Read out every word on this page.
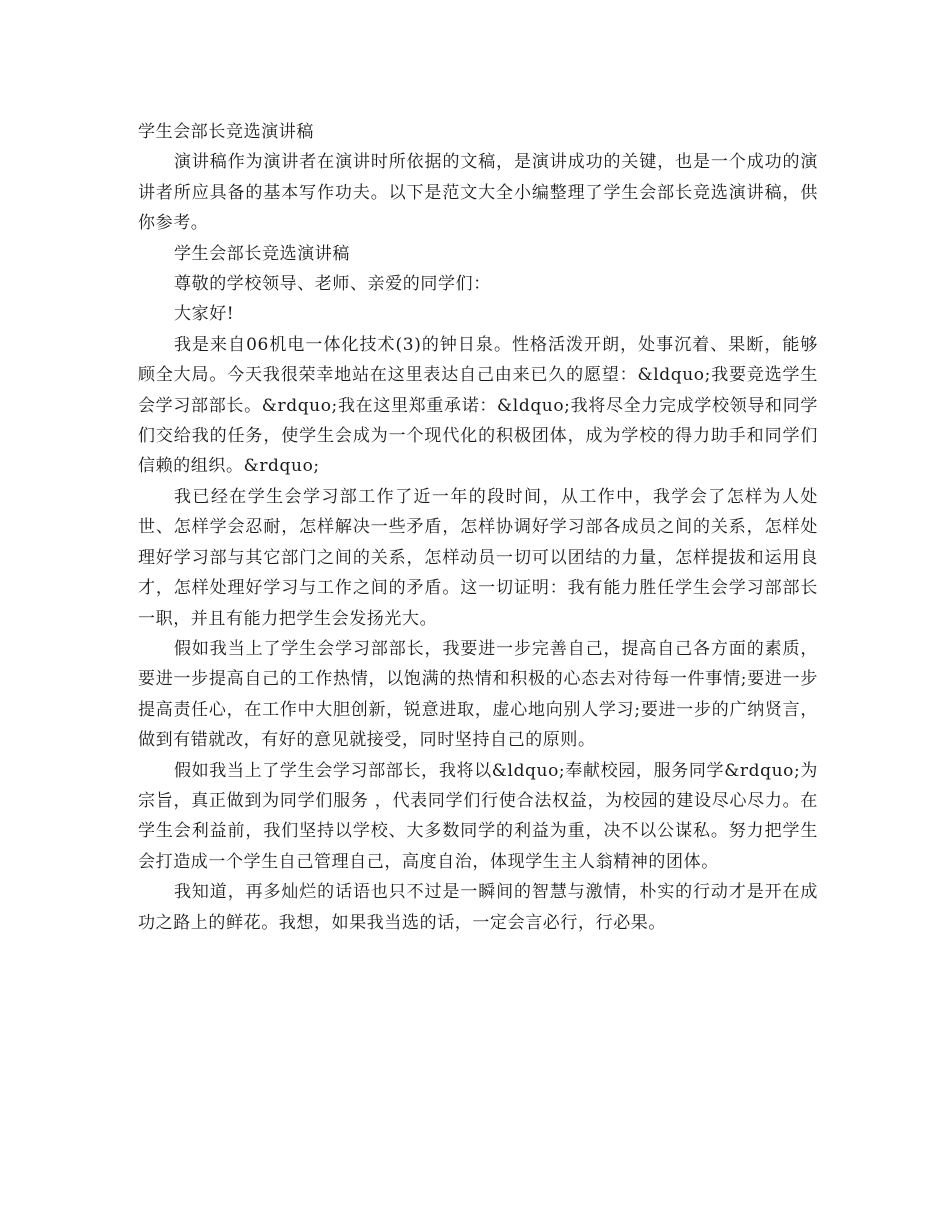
学生会部长竞选演讲稿

演讲稿作为演讲者在演讲时所依据的文稿，是演讲成功的关键，也是一个成功的演讲者所应具备的基本写作功夫。以下是范文大全小编整理了学生会部长竞选演讲稿，供你参考。

学生会部长竞选演讲稿

尊敬的学校领导、老师、亲爱的同学们：

大家好!

我是来自06机电一体化技术(3)的钟日泉。性格活泼开朗，处事沉着、果断，能够顾全大局。今天我很荣幸地站在这里表达自己由来已久的愿望：&ldquo;我要竞选学生会学习部部长。&rdquo;我在这里郑重承诺：&ldquo;我将尽全力完成学校领导和同学们交给我的任务，使学生会成为一个现代化的积极团体，成为学校的得力助手和同学们信赖的组织。&rdquo;

我已经在学生会学习部工作了近一年的段时间，从工作中，我学会了怎样为人处世、怎样学会忍耐，怎样解决一些矛盾，怎样协调好学习部各成员之间的关系，怎样处理好学习部与其它部门之间的关系，怎样动员一切可以团结的力量，怎样提拔和运用良才，怎样处理好学习与工作之间的矛盾。这一切证明：我有能力胜任学生会学习部部长一职，并且有能力把学生会发扬光大。

假如我当上了学生会学习部部长，我要进一步完善自己，提高自己各方面的素质，要进一步提高自己的工作热情，以饱满的热情和积极的心态去对待每一件事情;要进一步提高责任心，在工作中大胆创新，锐意进取，虚心地向别人学习;要进一步的广纳贤言，做到有错就改，有好的意见就接受，同时坚持自己的原则。

假如我当上了学生会学习部部长，我将以&ldquo;奉献校园，服务同学&rdquo;为宗旨，真正做到为同学们服务 ，代表同学们行使合法权益，为校园的建设尽心尽力。在学生会利益前，我们坚持以学校、大多数同学的利益为重，决不以公谋私。努力把学生会打造成一个学生自己管理自己，高度自治，体现学生主人翁精神的团体。

我知道，再多灿烂的话语也只不过是一瞬间的智慧与激情，朴实的行动才是开在成功之路上的鲜花。我想，如果我当选的话，一定会言必行，行必果。
